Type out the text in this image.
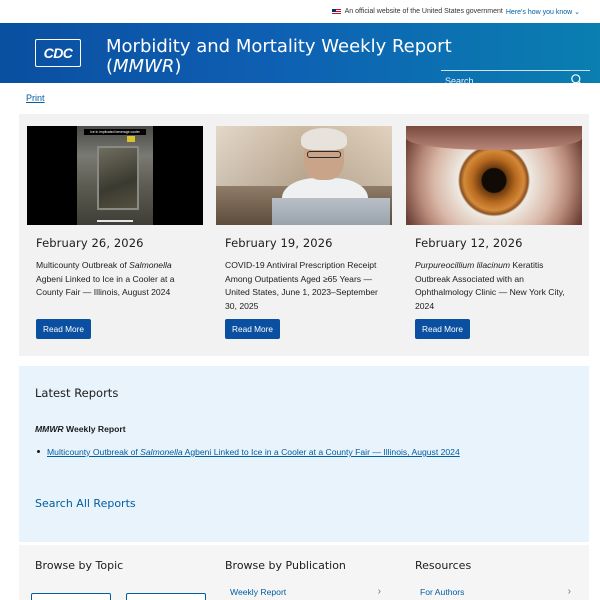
An official website of the United States government Here's how you know ⌄
CDC Morbidity and Mortality Weekly Report
(MMWR)
Search
Print
Ice in implicated beverage cooler
February 26, 2026
Multicounty Outbreak of Salmonella Agbeni Linked to Ice in a Cooler at a County Fair — Illinois, August 2024
Read More
February 19, 2026
COVID-19 Antiviral Prescription Receipt Among Outpatients Aged ≥65 Years — United States, June 1, 2023–September 30, 2025
Read More
February 12, 2026
Purpureocillium lilacinum Keratitis Outbreak Associated with an Ophthalmology Clinic — New York City, 2024
Read More
Latest Reports
MMWR Weekly Report
Multicounty Outbreak of Salmonella Agbeni Linked to Ice in a Cooler at a County Fair — Illinois, August 2024
Search All Reports
Browse by Topic	Browse by Publication
Weekly Report	›
Resources
For Authors	›
